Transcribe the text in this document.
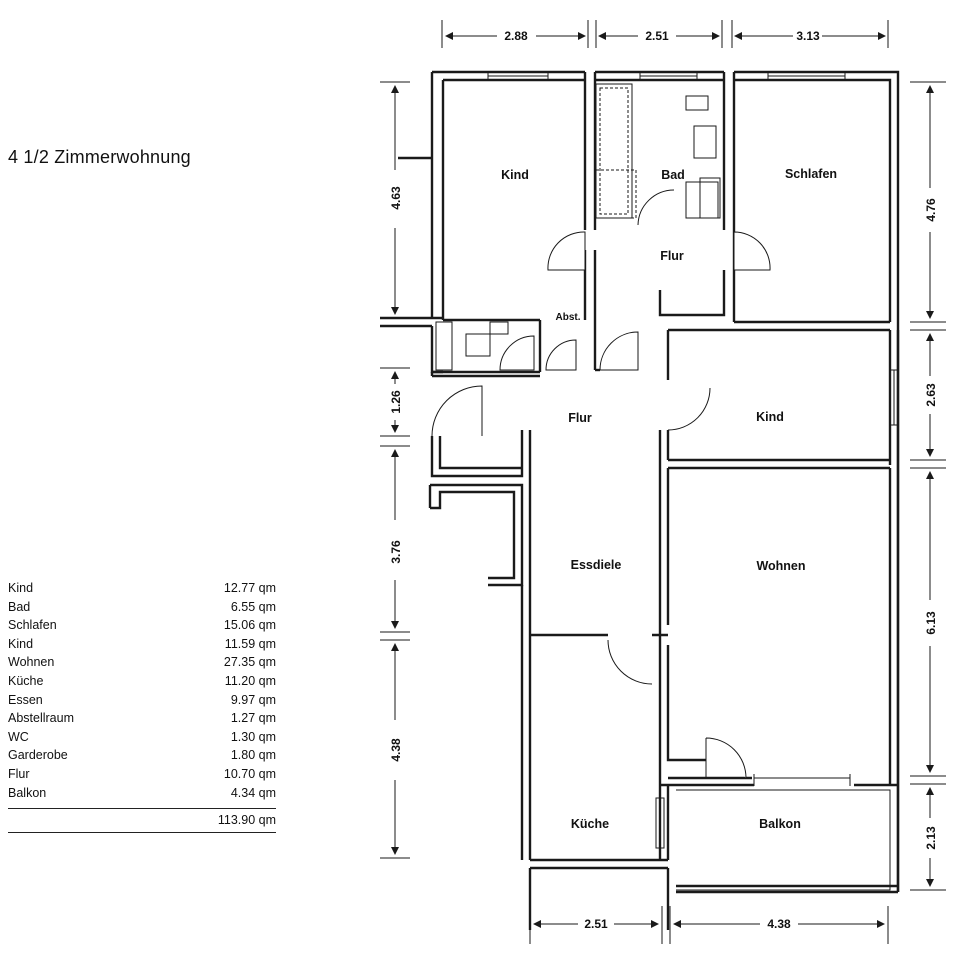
4 1/2 Zimmerwohnung
Kind	12.77 qm
Bad	6.55 qm
Schlafen	15.06 qm
Kind	11.59 qm
Wohnen	27.35 qm
Küche	11.20 qm
Essen	9.97 qm
Abstellraum	1.27 qm
WC	1.30 qm
Garderobe	1.80 qm
Flur	10.70 qm
Balkon	4.34 qm
113.90 qm
Kind	Bad	Schlafen
Flur
Abst.
Flur	Kind
Essdiele	Wohnen
Küche	Balkon
2.88	2.51	3.13
4.63
1.26
3.76
4.38
4.76
2.63
6.13
2.13
2.51	4.38
